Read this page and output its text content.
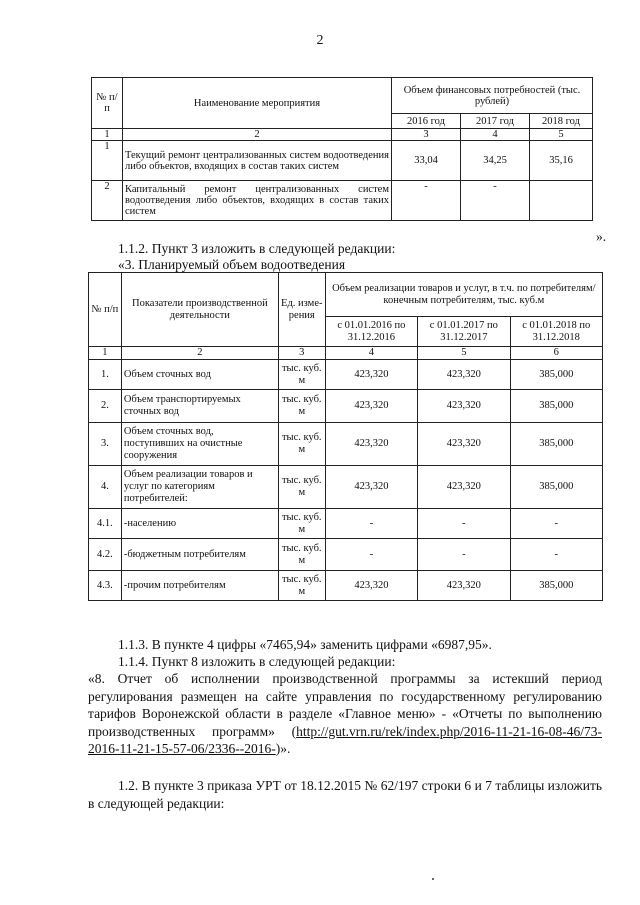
2
№ п/п	Наименование мероприятия	Объем финансовых потребностей (тыс. рублей)		
		2016 год	2017 год	2018 год
1	2	3	4	5
1	Текущий ремонт централизованных систем водоотведения либо объектов, входящих в состав таких систем	33,04	34,25	35,16
2	Капитальный ремонт централизованных систем водоотведения либо объектов, входящих в состав таких систем	-	-	
».
1.1.2. Пункт 3 изложить в следующей редакции:
«3. Планируемый объем водоотведения
№ п/п	Показатели производственной деятельности	Ед. изме- рения	Объем реализации товаров и услуг, в т.ч. по потребителям/ конечным потребителям, тыс. куб.м		
			с 01.01.2016 по 31.12.2016	с 01.01.2017 по 31.12.2017	с 01.01.2018 по 31.12.2018
1	2	3	4	5	6
1.	Объем сточных вод	тыс. куб. м	423,320	423,320	385,000
2.	Объем транспортируемых сточных вод	тыс. куб. м	423,320	423,320	385,000
3.	Объем сточных вод, поступивших на очистные сооружения	тыс. куб. м	423,320	423,320	385,000
4.	Объем реализации товаров и услуг по категориям потребителей:	тыс. куб. м	423,320	423,320	385,000
4.1.	-населению	тыс. куб. м	-	-	-
4.2.	-бюджетным потребителям	тыс. куб. м	-	-	-
4.3.	-прочим потребителям	тыс. куб. м	423,320	423,320	385,000
1.1.3. В пункте 4 цифры «7465,94» заменить цифрами «6987,95».
1.1.4. Пункт 8 изложить в следующей редакции:
«8. Отчет об исполнении производственной программы за истекший период регулирования размещен на сайте управления по государственному регулированию тарифов Воронежской области в разделе «Главное меню» - «Отчеты по выполнению производственных программ» (http://gut.vrn.ru/rek/index.php/2016-11-21-16-08-46/73-2016-11-21-15-57-06/2336--2016-)».
1.2. В пункте 3 приказа УРТ от 18.12.2015 № 62/197 строки 6 и 7 таблицы изложить в следующей редакции:
